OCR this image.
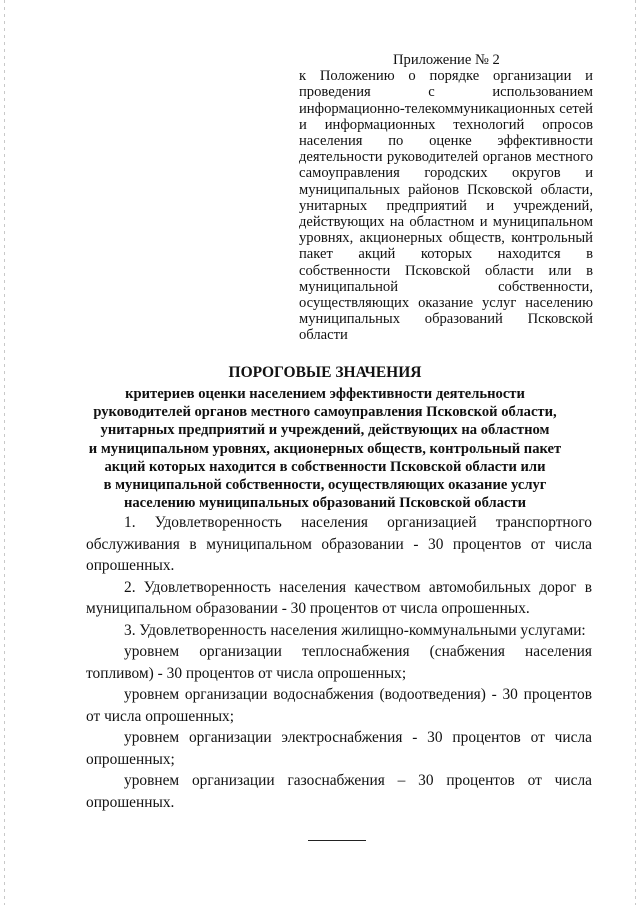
Приложение № 2
к Положению о порядке организации и проведения с использованием информационно-телекоммуникационных сетей и информационных технологий опросов населения по оценке эффективности деятельности руководителей органов местного самоуправления городских округов и муниципальных районов Псковской области, унитарных предприятий и учреждений, действующих на областном и муниципальном уровнях, акционерных обществ, контрольный пакет акций которых находится в собственности Псковской области или в муниципальной собственности, осуществляющих оказание услуг населению муниципальных образований Псковской области
ПОРОГОВЫЕ ЗНАЧЕНИЯ
критериев оценки населением эффективности деятельности
руководителей органов местного самоуправления Псковской области,
унитарных предприятий и учреждений, действующих на областном
и муниципальном уровнях, акционерных обществ, контрольный пакет
акций которых находится в собственности Псковской области или
в муниципальной собственности, осуществляющих оказание услуг
населению муниципальных образований Псковской области

1. Удовлетворенность населения организацией транспортного обслуживания в муниципальном образовании - 30 процентов от числа опрошенных.

2. Удовлетворенность населения качеством автомобильных дорог в муниципальном образовании - 30 процентов от числа опрошенных.

3. Удовлетворенность населения жилищно-коммунальными услугами:

уровнем организации теплоснабжения (снабжения населения топливом) - 30 процентов от числа опрошенных;

уровнем организации водоснабжения (водоотведения) - 30 процентов от числа опрошенных;

уровнем организации электроснабжения - 30 процентов от числа опрошенных;

уровнем организации газоснабжения – 30 процентов от числа опрошенных.
